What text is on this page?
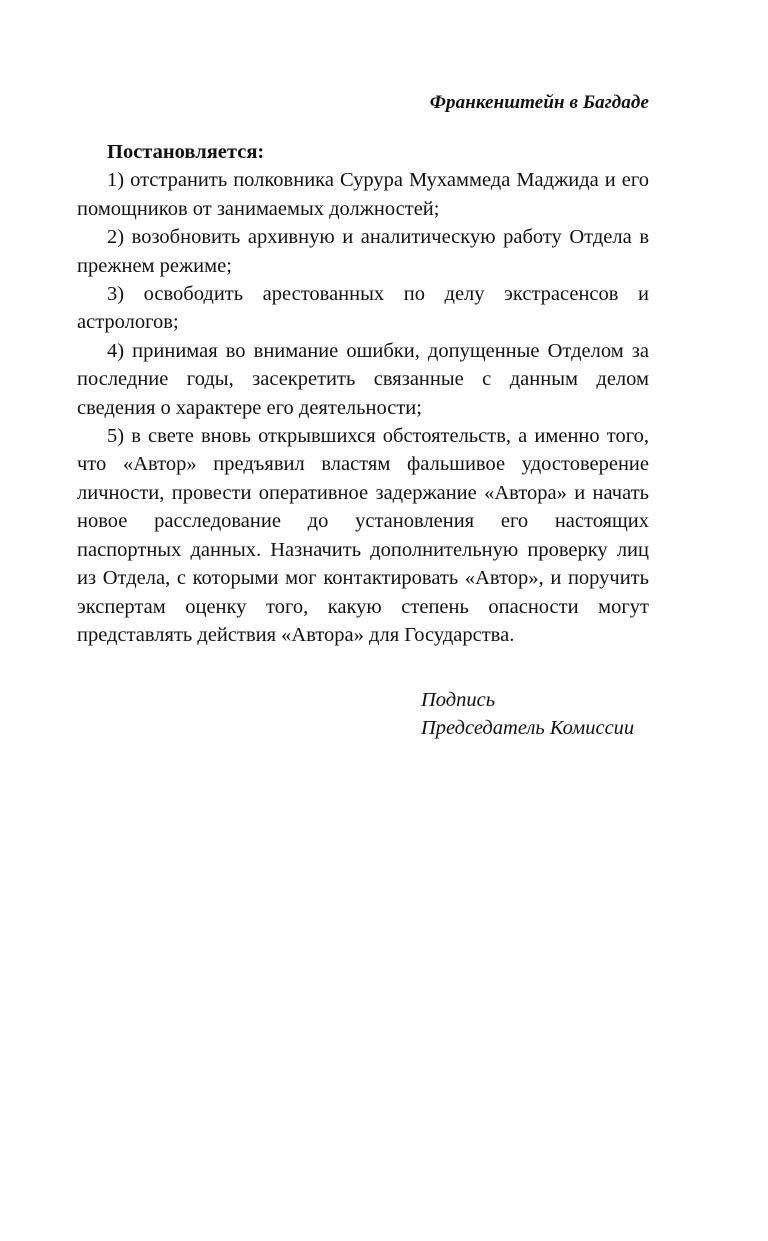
Франкенштейн в Багдаде
Постановляется:

1) отстранить полковника Сурура Мухаммеда Маджида и его помощников от занимаемых должностей;

2) возобновить архивную и аналитическую работу Отдела в прежнем режиме;

3) освободить арестованных по делу экстрасенсов и астрологов;

4) принимая во внимание ошибки, допущенные Отделом за последние годы, засекретить связанные с данным делом сведения о характере его деятельности;

5) в свете вновь открывшихся обстоятельств, а именно того, что «Автор» предъявил властям фальшивое удостоверение личности, провести оперативное задержание «Автора» и начать новое расследование до установления его настоящих паспортных данных. Назначить дополнительную проверку лиц из Отдела, с которыми мог контактировать «Автор», и поручить экспертам оценку того, какую степень опасности могут представлять действия «Автора» для Государства.

Подпись
Председатель Комиссии
